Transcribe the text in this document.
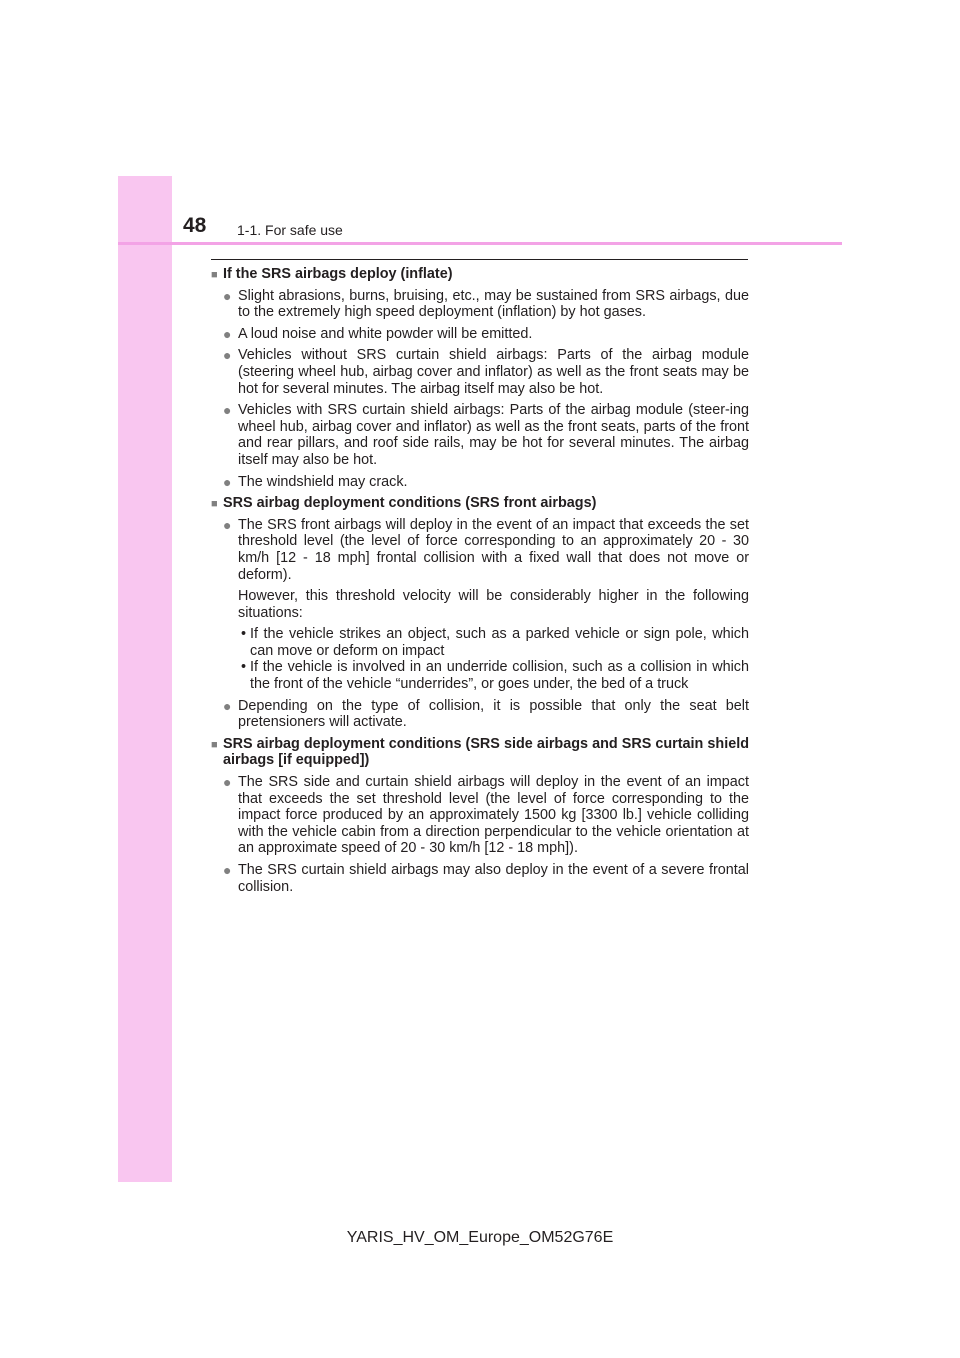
48 1-1. For safe use
■ If the SRS airbags deploy (inflate)
● Slight abrasions, burns, bruising, etc., may be sustained from SRS airbags, due to the extremely high speed deployment (inflation) by hot gases.
● A loud noise and white powder will be emitted.
● Vehicles without SRS curtain shield airbags: Parts of the airbag module (steering wheel hub, airbag cover and inflator) as well as the front seats may be hot for several minutes. The airbag itself may also be hot.
● Vehicles with SRS curtain shield airbags: Parts of the airbag module (steer-ing wheel hub, airbag cover and inflator) as well as the front seats, parts of the front and rear pillars, and roof side rails, may be hot for several minutes. The airbag itself may also be hot.
● The windshield may crack.
■ SRS airbag deployment conditions (SRS front airbags)
● The SRS front airbags will deploy in the event of an impact that exceeds the set threshold level (the level of force corresponding to an approximately 20 - 30 km/h [12 - 18 mph] frontal collision with a fixed wall that does not move or deform).
However, this threshold velocity will be considerably higher in the following situations:
• If the vehicle strikes an object, such as a parked vehicle or sign pole, which can move or deform on impact
• If the vehicle is involved in an underride collision, such as a collision in which the front of the vehicle “underrides”, or goes under, the bed of a truck
● Depending on the type of collision, it is possible that only the seat belt pretensioners will activate.
■ SRS airbag deployment conditions (SRS side airbags and SRS curtain shield airbags [if equipped])
● The SRS side and curtain shield airbags will deploy in the event of an impact that exceeds the set threshold level (the level of force corresponding to the impact force produced by an approximately 1500 kg [3300 lb.] vehicle colliding with the vehicle cabin from a direction perpendicular to the vehicle orientation at an approximate speed of 20 - 30 km/h [12 - 18 mph]).
● The SRS curtain shield airbags may also deploy in the event of a severe frontal collision.
YARIS_HV_OM_Europe_OM52G76E
